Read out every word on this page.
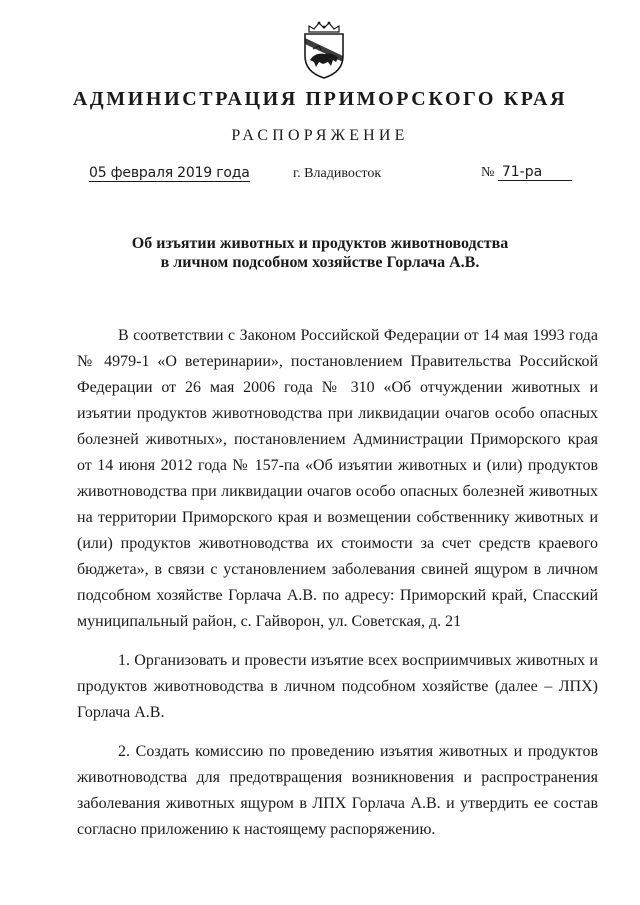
АДМИНИСТРАЦИЯ ПРИМОРСКОГО КРАЯ
РАСПОРЯЖЕНИЕ
05 февраля 2019 года	г. Владивосток	№ 71-ра
Об изъятии животных и продуктов животноводства
в личном подсобном хозяйстве Горлача А.В.

В соответствии с Законом Российской Федерации от 14 мая 1993 года № 4979-1 «О ветеринарии», постановлением Правительства Российской Федерации от 26 мая 2006 года № 310 «Об отчуждении животных и изъятии продуктов животноводства при ликвидации очагов особо опасных болезней животных», постановлением Администрации Приморского края от 14 июня 2012 года № 157-па «Об изъятии животных и (или) продуктов животноводства при ликвидации очагов особо опасных болезней животных на территории Приморского края и возмещении собственнику животных и (или) продуктов животноводства их стоимости за счет средств краевого бюджета», в связи с установлением заболевания свиней ящуром в личном подсобном хозяйстве Горлача А.В. по адресу: Приморский край, Спасский муниципальный район, с. Гайворон, ул. Советская, д. 21

1. Организовать и провести изъятие всех восприимчивых животных и продуктов животноводства в личном подсобном хозяйстве (далее – ЛПХ) Горлача А.В.

2. Создать комиссию по проведению изъятия животных и продуктов животноводства для предотвращения возникновения и распространения заболевания животных ящуром в ЛПХ Горлача А.В. и утвердить ее состав согласно приложению к настоящему распоряжению.
